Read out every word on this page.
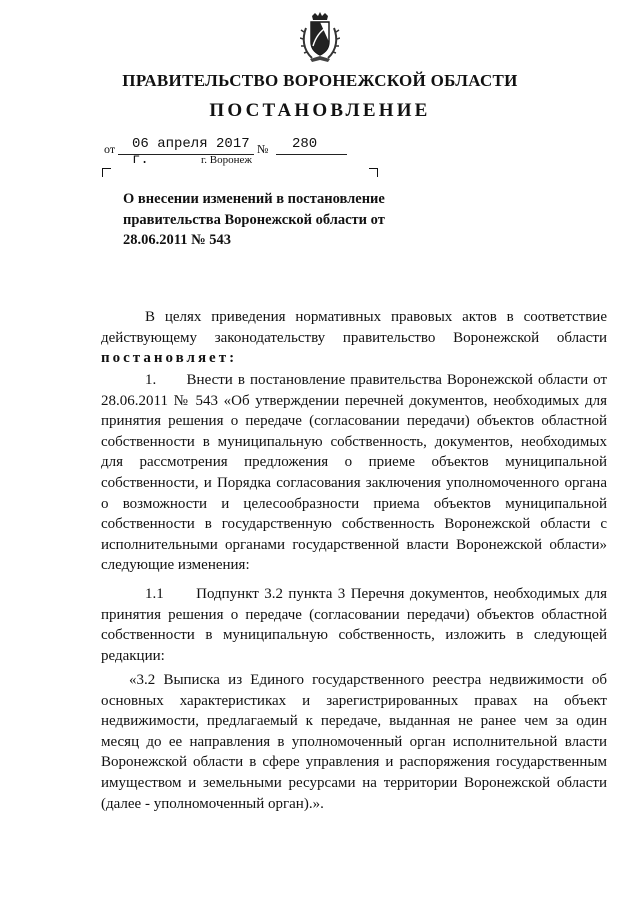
ПРАВИТЕЛЬСТВО ВОРОНЕЖСКОЙ ОБЛАСТИ
ПОСТАНОВЛЕНИЕ
от 06 апреля 2017 г.
№ 280
г. Воронеж
О внесении изменений в постановление правительства Воронежской области от 28.06.2011 № 543
В целях приведения нормативных правовых актов в соответствие действующему законодательству правительство Воронежской области постановляет:
1. Внести в постановление правительства Воронежской области от 28.06.2011 № 543 «Об утверждении перечней документов, необходимых для принятия решения о передаче (согласовании передачи) объектов областной собственности в муниципальную собственность, документов, необходимых для рассмотрения предложения о приеме объектов муниципальной собственности, и Порядка согласования заключения уполномоченного органа о возможности и целесообразности приема объектов муниципальной собственности в государственную собственность Воронежской области с исполнительными органами государственной власти Воронежской области» следующие изменения:
1.1 Подпункт 3.2 пункта 3 Перечня документов, необходимых для принятия решения о передаче (согласовании передачи) объектов областной собственности в муниципальную собственность, изложить в следующей редакции:
«3.2 Выписка из Единого государственного реестра недвижимости об основных характеристиках и зарегистрированных правах на объект недвижимости, предлагаемый к передаче, выданная не ранее чем за один месяц до ее направления в уполномоченный орган исполнительной власти Воронежской области в сфере управления и распоряжения государственным имуществом и земельными ресурсами на территории Воронежской области (далее - уполномоченный орган).».
